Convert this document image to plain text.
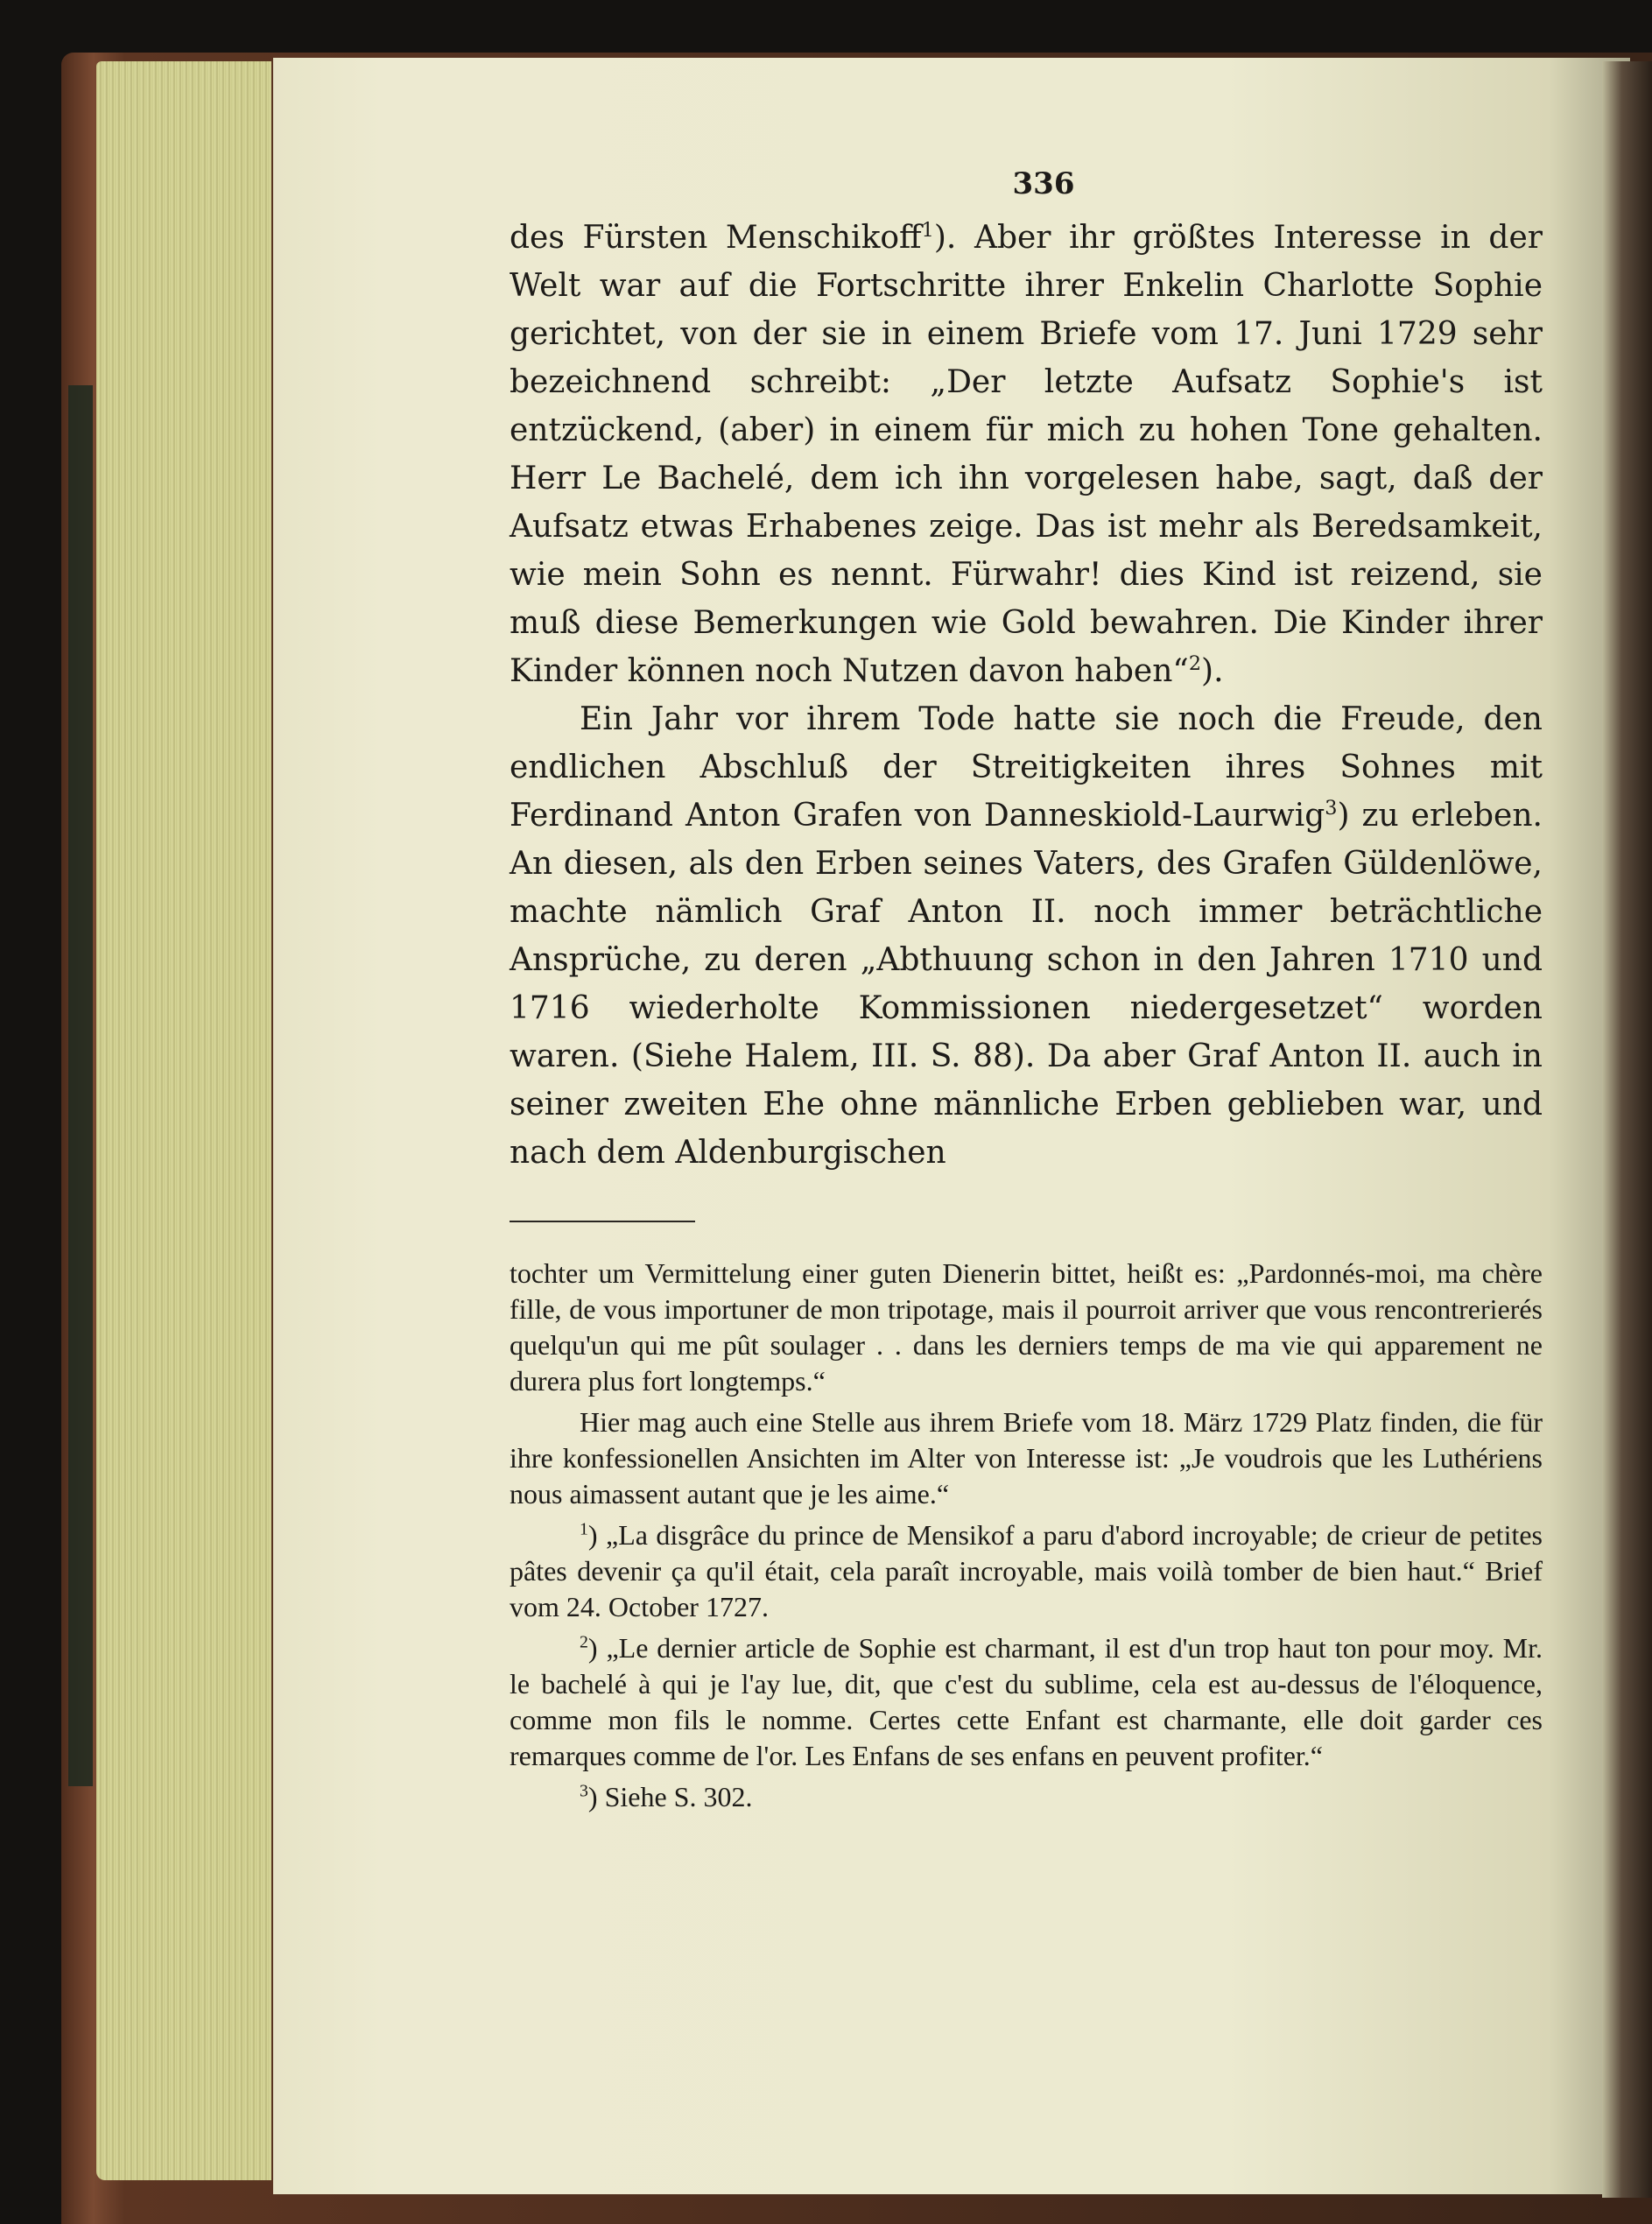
336

des Fürsten Menschikoff$^1$). Aber ihr größtes Interesse in der Welt war auf die Fortschritte ihrer Enkelin Charlotte Sophie gerichtet, von der sie in einem Briefe vom 17. Juni 1729 sehr bezeichnend schreibt: „Der letzte Aufsatz Sophie's ist entzückend, (aber) in einem für mich zu hohen Tone gehalten. Herr Le Bachelé, dem ich ihn vorgelesen habe, sagt, daß der Aufsatz etwas Erhabenes zeige. Das ist mehr als Beredsamkeit, wie mein Sohn es nennt. Fürwahr! dies Kind ist reizend, sie muß diese Bemerkungen wie Gold bewahren. Die Kinder ihrer Kinder können noch Nutzen davon haben“$^2$).

Ein Jahr vor ihrem Tode hatte sie noch die Freude, den endlichen Abschluß der Streitigkeiten ihres Sohnes mit Ferdinand Anton Grafen von Danneskiold-Laurwig$^3$) zu erleben. An diesen, als den Erben seines Vaters, des Grafen Güldenlöwe, machte nämlich Graf Anton II. noch immer beträchtliche Ansprüche, zu deren „Abthuung schon in den Jahren 1710 und 1716 wiederholte Kommissionen niedergesetzet“ worden waren. (Siehe Halem, III. S. 88). Da aber Graf Anton II. auch in seiner zweiten Ehe ohne männliche Erben geblieben war, und nach dem Aldenburgischen

tochter um Vermittelung einer guten Dienerin bittet, heißt es: „Pardonnés-moi, ma chère fille, de vous importuner de mon tripotage, mais il pourroit arriver que vous rencontrerierés quelqu'un qui me pût soulager . . dans les derniers temps de ma vie qui apparement ne durera plus fort longtemps.“

Hier mag auch eine Stelle aus ihrem Briefe vom 18. März 1729 Platz finden, die für ihre konfessionellen Ansichten im Alter von Interesse ist: „Je voudrois que les Luthériens nous aimassent autant que je les aime.“

$^1$) „La disgrâce du prince de Mensikof a paru d'abord incroyable; de crieur de petites pâtes devenir ça qu'il était, cela paraît incroyable, mais voilà tomber de bien haut.“ Brief vom 24. October 1727.

$^2$) „Le dernier article de Sophie est charmant, il est d'un trop haut ton pour moy. Mr. le bachelé à qui je l'ay lue, dit, que c'est du sublime, cela est au-dessus de l'éloquence, comme mon fils le nomme. Certes cette Enfant est charmante, elle doit garder ces remarques comme de l'or. Les Enfans de ses enfans en peuvent profiter.“

$^3$) Siehe S. 302.
